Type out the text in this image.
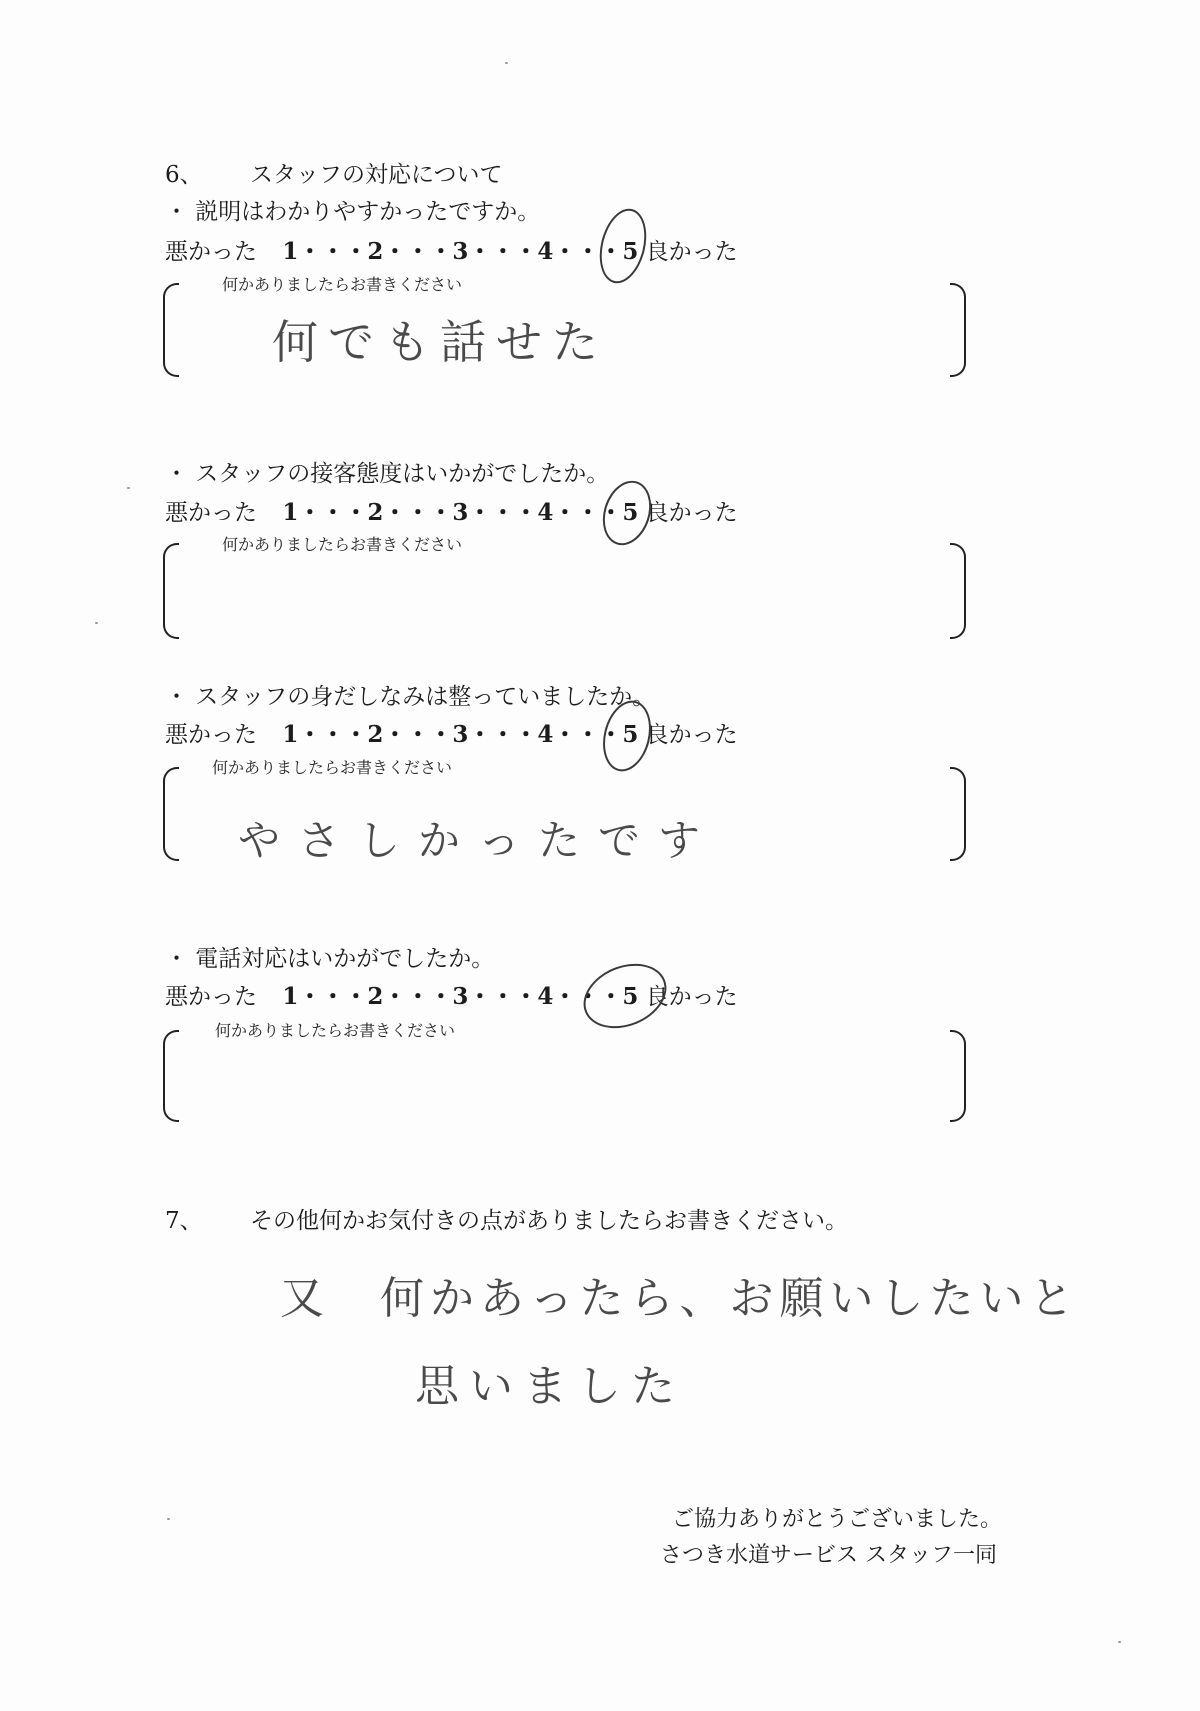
6、 スタッフの対応について
・ 説明はわかりやすかったですか。
悪かった 1・・・2・・・3・・・4・・・5 良かった
何かありましたらお書きください
何でも話せた
・ スタッフの接客態度はいかがでしたか。
悪かった 1・・・2・・・3・・・4・・・5 良かった
何かありましたらお書きください
・ スタッフの身だしなみは整っていましたか。
悪かった 1・・・2・・・3・・・4・・・5 良かった
何かありましたらお書きください
やさしかったです
・ 電話対応はいかがでしたか。
悪かった 1・・・2・・・3・・・4・・・5 良かった
何かありましたらお書きください
7、 その他何かお気付きの点がありましたらお書きください。
又　何かあったら、お願いしたいと
思いました
ご協力ありがとうございました。
さつき水道サービス スタッフ一同
